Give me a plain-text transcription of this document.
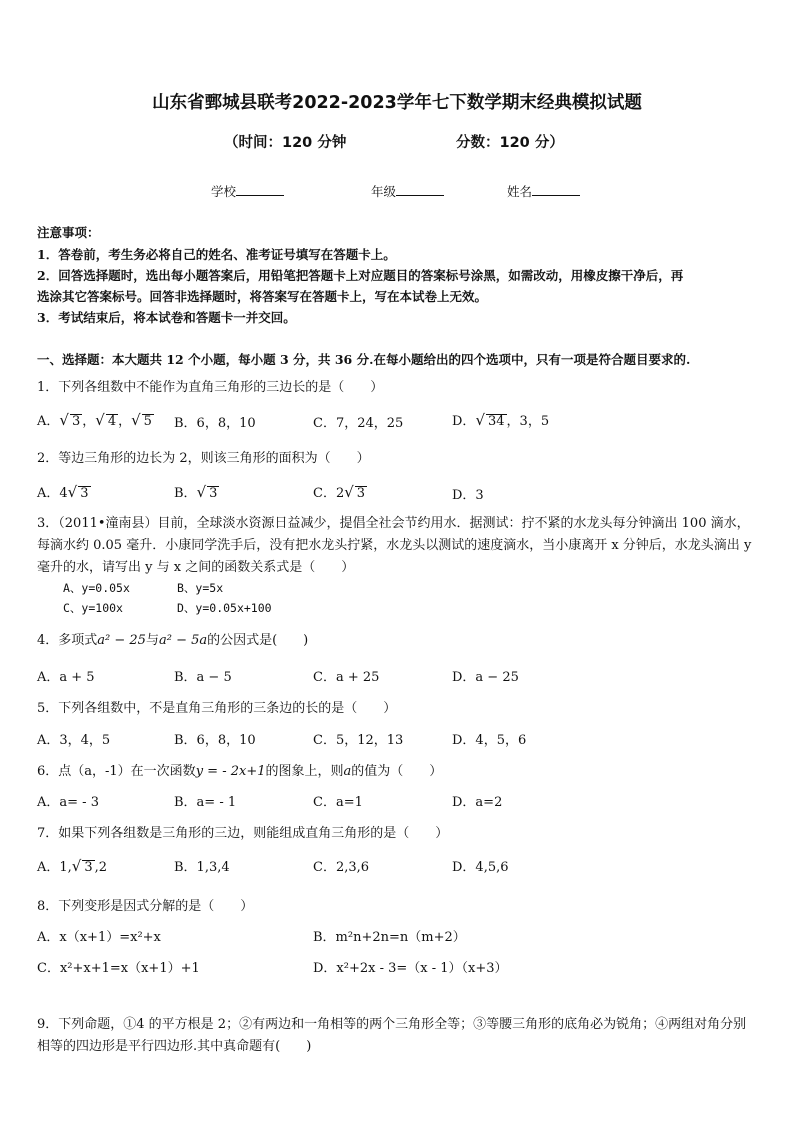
山东省鄄城县联考2022-2023学年七下数学期末经典模拟试题
（时间：120 分钟	分数：120 分）
学校	年级	姓名
注意事项：
1．答卷前，考生务必将自己的姓名、准考证号填写在答题卡上。
2．回答选择题时，选出每小题答案后，用铅笔把答题卡上对应题目的答案标号涂黑，如需改动，用橡皮擦干净后，再
选涂其它答案标号。回答非选择题时，将答案写在答题卡上，写在本试卷上无效。
3．考试结束后，将本试卷和答题卡一并交回。
一、选择题：本大题共 12 个小题，每小题 3 分，共 36 分.在每小题给出的四个选项中，只有一项是符合题目要求的.
1．下列各组数中不能作为直角三角形的三边长的是（　　）
A．√ 3 ，√ 4 ，√ 5 B．6，8，10	C．7，24，25	D．√ 34 ，3，5
2．等边三角形的边长为 2，则该三角形的面积为（　　）
A．4√ 3	B．√ 3	C．2√ 3	D．3
3．（2011•潼南县）目前，全球淡水资源日益减少，提倡全社会节约用水．据测试：拧不紧的水龙头每分钟滴出 100 滴水，每滴水约 0.05 毫升．小康同学洗手后，没有把水龙头拧紧，水龙头以测试的速度滴水，当小康离开 x 分钟后，水龙头滴出 y 毫升的水，请写出 y 与 x 之间的函数关系式是（　　）
A、y=0.05x	B、y=5x
C、y=100x	D、y=0.05x+100
4．多项式a² − 25与a² − 5a的公因式是(　　)
A．a + 5	B．a − 5	C．a + 25	D．a − 25
5．下列各组数中，不是直角三角形的三条边的长的是（　　）
A．3，4，5	B．6，8，10	C．5，12，13	D．4，5，6
6．点（a，-1）在一次函数y = - 2x+1的图象上，则a的值为（　　）
A．a= - 3	B．a= - 1	C．a=1	D．a=2
7．如果下列各组数是三角形的三边，则能组成直角三角形的是（　　）
A．1,√ 3 ,2	B．1,3,4	C．2,3,6	D．4,5,6
8．下列变形是因式分解的是（　　）
A．x（x+1）=x²+x	B．m²n+2n=n（m+2）
C．x²+x+1=x（x+1）+1	D．x²+2x - 3=（x - 1）（x+3）
9．下列命题，①4 的平方根是 2；②有两边和一角相等的两个三角形全等；③等腰三角形的底角必为锐角；④两组对角分别相等的四边形是平行四边形.其中真命题有(　　)
